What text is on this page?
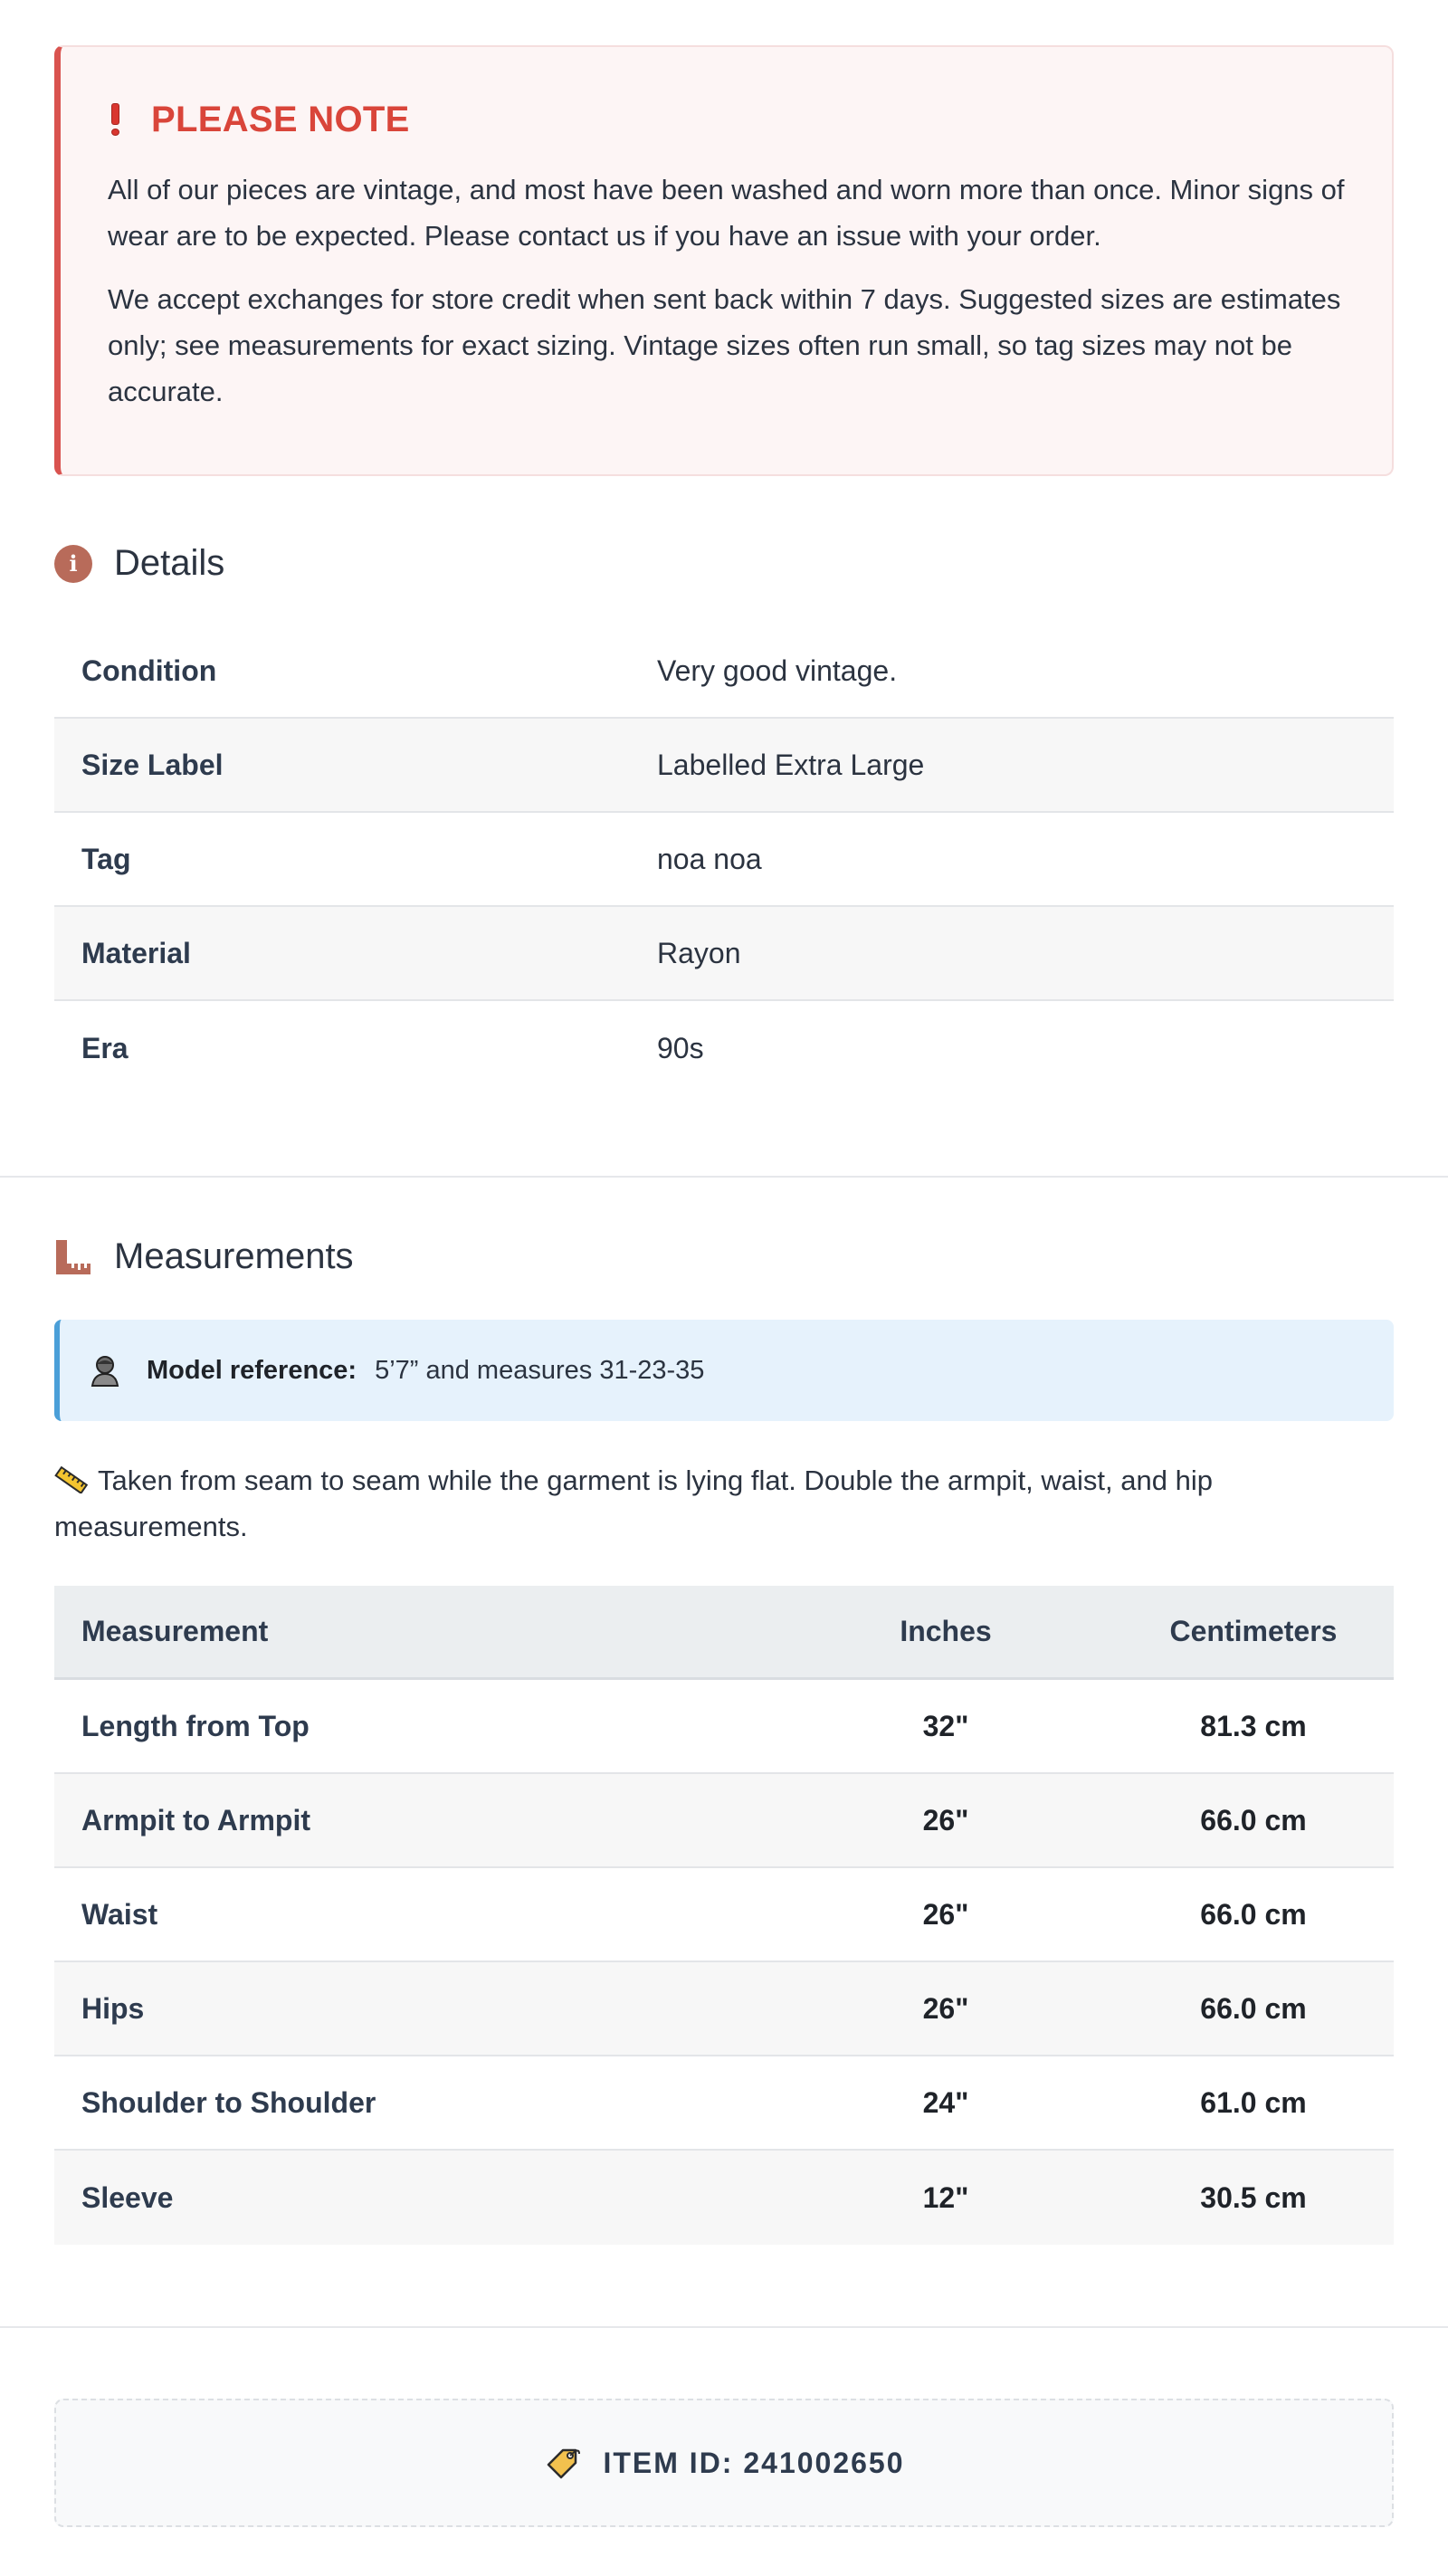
PLEASE NOTE

All of our pieces are vintage, and most have been washed and worn more than once. Minor signs of wear are to be expected. Please contact us if you have an issue with your order.

We accept exchanges for store credit when sent back within 7 days. Suggested sizes are estimates only; see measurements for exact sizing. Vintage sizes often run small, so tag sizes may not be accurate.

i	Details
Condition	Very good vintage.
Size Label	Labelled Extra Large
Tag	noa noa
Material	Rayon
Era	90s
Measurements
Model reference: 5’7” and measures 31-23-35
Taken from seam to seam while the garment is lying flat. Double the armpit, waist, and hip measurements.
Measurement	Inches	Centimeters
Length from Top	32"	81.3 cm
Armpit to Armpit	26"	66.0 cm
Waist	26"	66.0 cm
Hips	26"	66.0 cm
Shoulder to Shoulder	24"	61.0 cm
Sleeve	12"	30.5 cm
ITEM ID: 241002650
